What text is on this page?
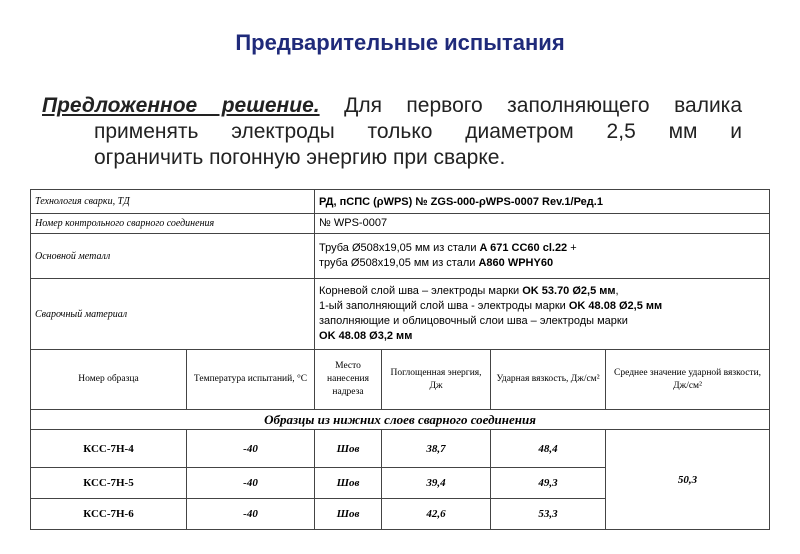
Предварительные испытания
Предложенное решение. Для первого заполняющего валика
применять электроды только диаметром 2,5 мм и
ограничить погонную энергию при сварке.
Технология сварки, ТД		РД, пСПС (ρWPS) № ZGS-000-ρWPS-0007 Rev.1/Ред.1			
Номер контрольного сварного соединения		№ WPS-0007			
Основной металл		Труба Ø508x19,05 мм из стали A 671 CC60 cl.22 +
труба Ø508x19,05 мм из стали A860 WPHY60			
Сварочный материал		Корневой слой шва – электроды марки OK 53.70 Ø2,5 мм,
1-ый заполняющий слой шва - электроды марки OK 48.08 Ø2,5 мм
заполняющие и облицовочный слои шва – электроды марки
OK 48.08 Ø3,2 мм			
Номер образца	Температура испытаний, °С	Место нанесения надреза	Поглощенная энергия, Дж	Ударная вязкость, Дж/см²	Среднее значение ударной вязкости, Дж/см²
Образцы из нижних слоев сварного соединения					
КСС-7Н-4	-40	Шов	38,7	48,4	50,3
КСС-7Н-5	-40	Шов	39,4	49,3	
КСС-7Н-6	-40	Шов	42,6	53,3	
